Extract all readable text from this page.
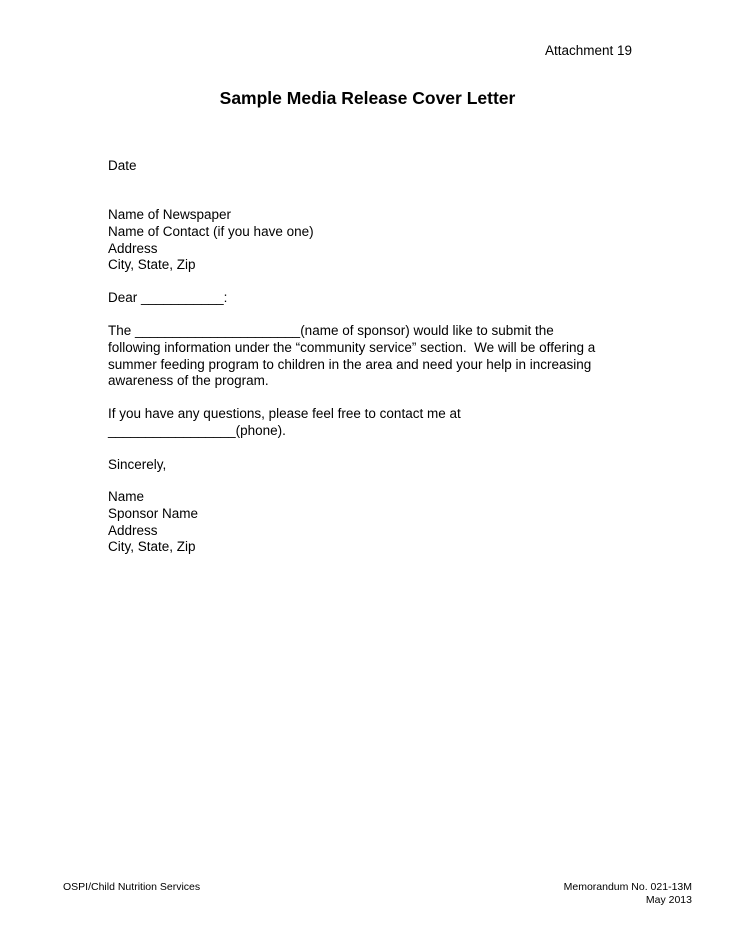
Attachment 19
Sample Media Release Cover Letter
Date
Name of Newspaper
Name of Contact (if you have one)
Address
City, State, Zip
Dear ___________:
The ______________________(name of sponsor) would like to submit the
following information under the “community service” section.  We will be offering a
summer feeding program to children in the area and need your help in increasing
awareness of the program.
If you have any questions, please feel free to contact me at
_________________(phone).
Sincerely,
Name
Sponsor Name
Address
City, State, Zip
OSPI/Child Nutrition Services	Memorandum No. 021-13M
May 2013
